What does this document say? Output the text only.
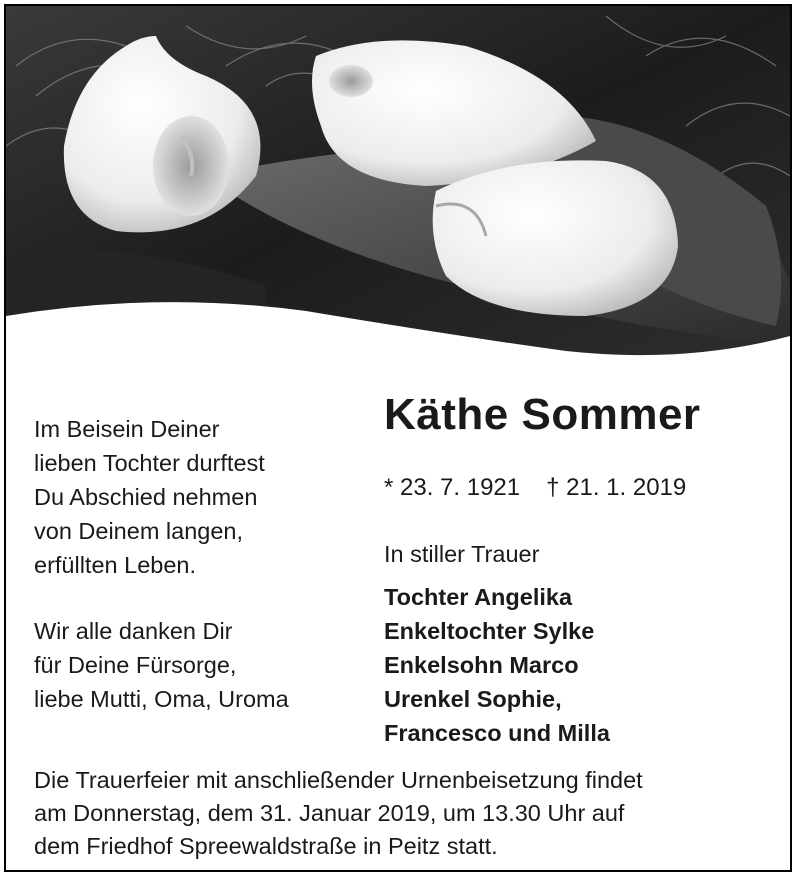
Im Beisein Deiner
lieben Tochter durftest
Du Abschied nehmen
von Deinem langen,
erfüllten Leben.

Wir alle danken Dir
für Deine Fürsorge,
liebe Mutti, Oma, Uroma

Käthe Sommer
* 23. 7. 1921 † 21. 1. 2019
In stiller Trauer
Tochter Angelika
Enkeltochter Sylke
Enkelsohn Marco
Urenkel Sophie,
Francesco und Milla

Die Trauerfeier mit anschließender Urnenbeisetzung findet

am Donnerstag, dem 31. Januar 2019, um 13.30 Uhr auf

dem Friedhof Spreewaldstraße in Peitz statt.
